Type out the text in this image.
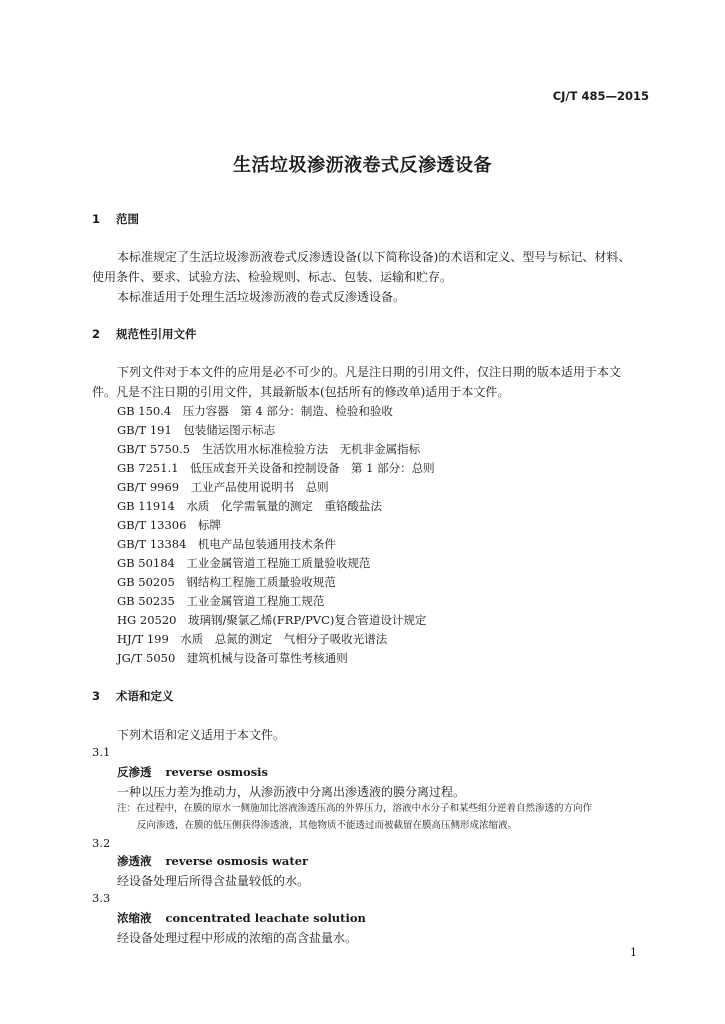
CJ/T 485—2015
生活垃圾渗沥液卷式反渗透设备
1 范围
本标准规定了生活垃圾渗沥液卷式反渗透设备(以下简称设备)的术语和定义、型号与标记、材料、
使用条件、要求、试验方法、检验规则、标志、包装、运输和贮存。
本标准适用于处理生活垃圾渗沥液的卷式反渗透设备。
2 规范性引用文件
下列文件对于本文件的应用是必不可少的。凡是注日期的引用文件，仅注日期的版本适用于本文
件。凡是不注日期的引用文件，其最新版本(包括所有的修改单)适用于本文件。
GB 150.4　压力容器　第 4 部分：制造、检验和验收
GB/T 191　包装储运图示标志
GB/T 5750.5　生活饮用水标准检验方法　无机非金属指标
GB 7251.1　低压成套开关设备和控制设备　第 1 部分：总则
GB/T 9969　工业产品使用说明书　总则
GB 11914　水质　化学需氧量的测定　重铬酸盐法
GB/T 13306　标牌
GB/T 13384　机电产品包装通用技术条件
GB 50184　工业金属管道工程施工质量验收规范
GB 50205　钢结构工程施工质量验收规范
GB 50235　工业金属管道工程施工规范
HG 20520　玻璃钢/聚氯乙烯(FRP/PVC)复合管道设计规定
HJ/T 199　水质　总氮的测定　气相分子吸收光谱法
JG/T 5050　建筑机械与设备可靠性考核通则
3 术语和定义
下列术语和定义适用于本文件。
3.1
反渗透 reverse osmosis
一种以压力差为推动力，从渗沥液中分离出渗透液的膜分离过程。
注：在过程中，在膜的原水一侧施加比溶液渗透压高的外界压力，溶液中水分子和某些组分逆着自然渗透的方向作
反向渗透，在膜的低压侧获得渗透液，其他物质不能透过而被截留在膜高压侧形成浓缩液。
3.2
渗透液 reverse osmosis water
经设备处理后所得含盐量较低的水。
3.3
浓缩液 concentrated leachate solution
经设备处理过程中形成的浓缩的高含盐量水。
1
